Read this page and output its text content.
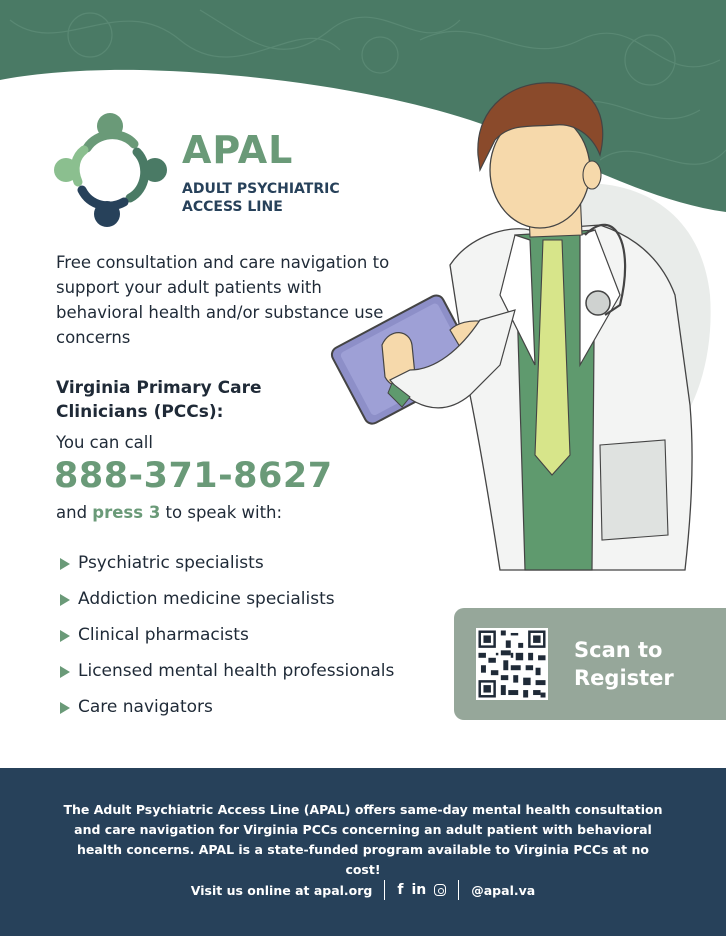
APAL
ADULT PSYCHIATRIC
ACCESS LINE
Free consultation and care navigation to support your adult patients with behavioral health and/or substance use concerns
Virginia Primary Care Clinicians (PCCs):
You can call
888-371-8627
and press 3 to speak with:
Psychiatric specialists
Addiction medicine specialists
Clinical pharmacists
Licensed mental health professionals
Care navigators
Scan to
Register
The Adult Psychiatric Access Line (APAL) offers same-day mental health consultation and care navigation for Virginia PCCs concerning an adult patient with behavioral health concerns. APAL is a state-funded program available to Virginia PCCs at no cost!
Visit us online at apal.org f in	@apal.va
